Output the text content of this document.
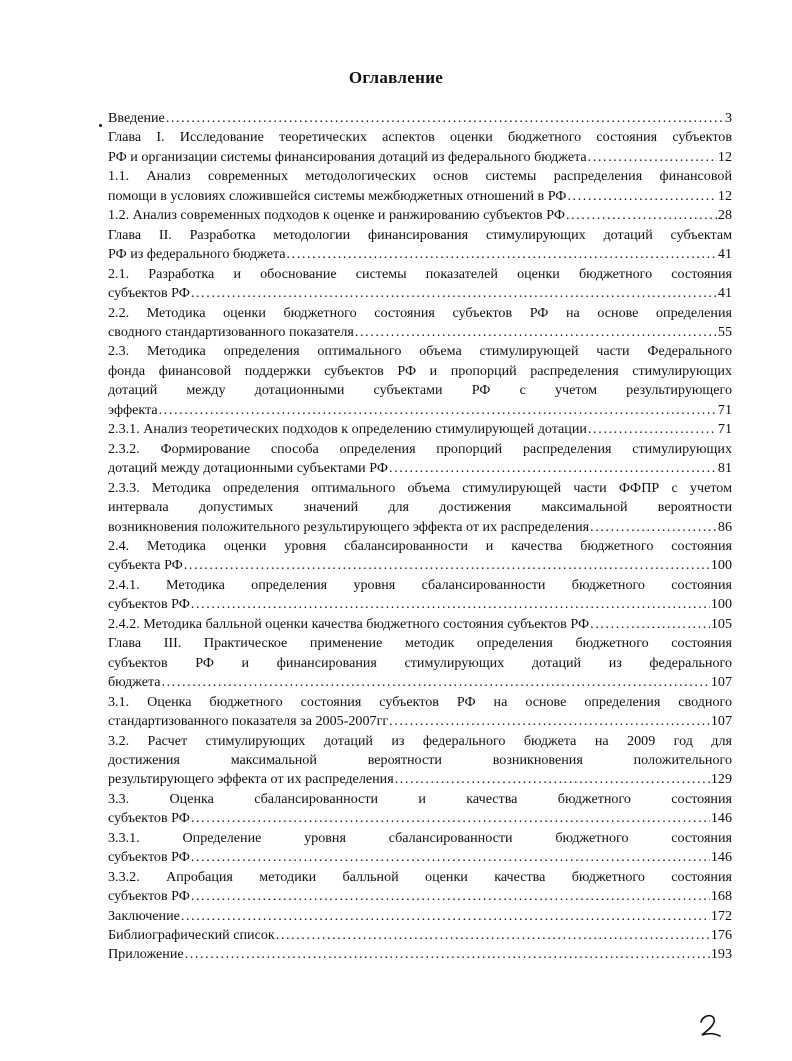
Оглавление
Введение .....	3
Глава I. Исследование теоретических аспектов оценки бюджетного состояния субъектов
РФ и организации системы финансирования дотаций из федерального бюджета .....	12
1.1. Анализ современных методологических основ системы распределения финансовой
помощи в условиях сложившейся системы межбюджетных отношений в РФ .....	12
1.2. Анализ современных подходов к оценке и ранжированию субъектов РФ .....	28
Глава II. Разработка методологии финансирования стимулирующих дотаций субъектам
РФ из федерального бюджета .....	41
2.1. Разработка и обоснование системы показателей оценки бюджетного состояния
субъектов РФ .....	41
2.2. Методика оценки бюджетного состояния субъектов РФ на основе определения
сводного стандартизованного показателя .....	55
2.3. Методика определения оптимального объема стимулирующей части Федерального
фонда финансовой поддержки субъектов РФ и пропорций распределения стимулирующих
дотаций между дотационными субъектами РФ с учетом результирующего
эффекта .....	71
2.3.1. Анализ теоретических подходов к определению стимулирующей дотации .....	71
2.3.2. Формирование способа определения пропорций распределения стимулирующих
дотаций между дотационными субъектами РФ .....	81
2.3.3. Методика определения оптимального объема стимулирующей части ФФПР с учетом
интервала допустимых значений для достижения максимальной вероятности
возникновения положительного результирующего эффекта от их распределения .....	86
2.4. Методика оценки уровня сбалансированности и качества бюджетного состояния
субъекта РФ .....	100
2.4.1. Методика определения уровня сбалансированности бюджетного состояния
субъектов РФ .....	100
2.4.2. Методика балльной оценки качества бюджетного состояния субъектов РФ .....	105
Глава III. Практическое применение методик определения бюджетного состояния
субъектов РФ и финансирования стимулирующих дотаций из федерального
бюджета .....	107
3.1. Оценка бюджетного состояния субъектов РФ на основе определения сводного
стандартизованного показателя за 2005-2007гг .....	107
3.2. Расчет стимулирующих дотаций из федерального бюджета на 2009 год для
достижения максимальной вероятности возникновения положительного
результирующего эффекта от их распределения .....	129
3.3. Оценка сбалансированности и качества бюджетного состояния
субъектов РФ .....	146
3.3.1. Определение уровня сбалансированности бюджетного состояния
субъектов РФ .....	146
3.3.2. Апробация методики балльной оценки качества бюджетного состояния
субъектов РФ .....	168
Заключение .....	172
Библиографический список .....	176
Приложение .....	193
